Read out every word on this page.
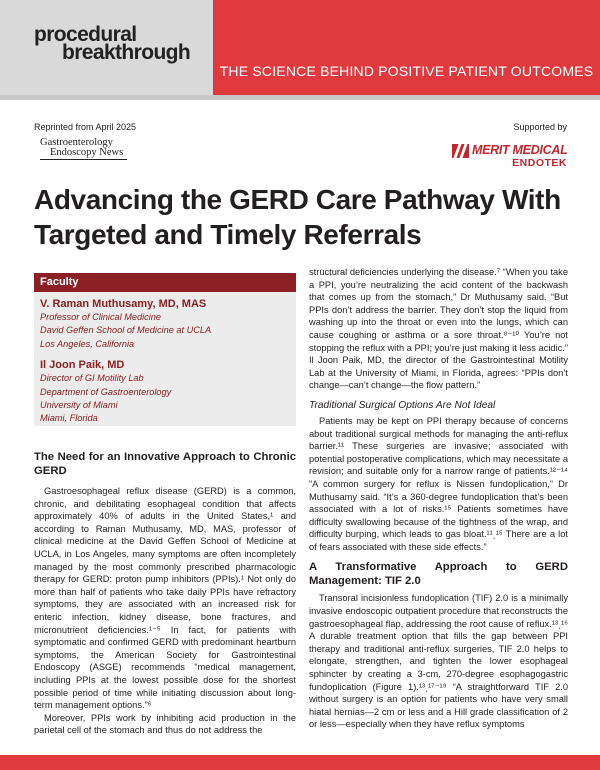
procedural
breakthrough
THE SCIENCE BEHIND POSITIVE PATIENT OUTCOMES
Reprinted from April 2025
Gastroenterology
Endoscopy News
Supported by
MERIT MEDICAL
ENDOTEK
Advancing the GERD Care Pathway With Targeted and Timely Referrals
Faculty
V. Raman Muthusamy, MD, MAS
Professor of Clinical Medicine
David Geffen School of Medicine at UCLA
Los Angeles, California
Il Joon Paik, MD
Director of GI Motility Lab
Department of Gastroenterology
University of Miami
Miami, Florida
The Need for an Innovative Approach to Chronic GERD

Gastroesophageal reflux disease (GERD) is a common, chronic, and debilitating esophageal condition that affects approximately 40% of adults in the United States,¹ and according to Raman Muthusamy, MD, MAS, professor of clinical medicine at the David Geffen School of Medicine at UCLA, in Los Angeles, many symptoms are often incompletely managed by the most commonly prescribed pharmacologic therapy for GERD: proton pump inhibitors (PPIs).¹ Not only do more than half of patients who take daily PPIs have refractory symptoms, they are associated with an increased risk for enteric infection, kidney disease, bone fractures, and micronutrient deficiencies.¹⁻⁵ In fact, for patients with symptomatic and confirmed GERD with predominant heartburn symptoms, the American Society for Gastrointestinal Endoscopy (ASGE) recommends “medical management, including PPIs at the lowest possible dose for the shortest possible period of time while initiating discussion about long-term management options.”⁶

Moreover, PPIs work by inhibiting acid production in the parietal cell of the stomach and thus do not address the

structural deficiencies underlying the disease.⁷ “When you take a PPI, you’re neutralizing the acid content of the backwash that comes up from the stomach,” Dr Muthusamy said. “But PPIs don’t address the barrier. They don’t stop the liquid from washing up into the throat or even into the lungs, which can cause coughing or asthma or a sore throat.⁸⁻¹⁰ You’re not stopping the reflux with a PPI; you’re just making it less acidic.” Il Joon Paik, MD, the director of the Gastrointestinal Motility Lab at the University of Miami, in Florida, agrees: “PPIs don’t change—can’t change—the flow pattern.”

Traditional Surgical Options Are Not Ideal

Patients may be kept on PPI therapy because of concerns about traditional surgical methods for managing the anti-reflux barrier.¹¹ These surgeries are invasive; associated with potential postoperative complications, which may necessitate a revision; and suitable only for a narrow range of patients.¹²⁻¹⁴ “A common surgery for reflux is Nissen fundoplication,” Dr Muthusamy said. “It’s a 360-degree fundoplication that’s been associated with a lot of risks.¹⁵ Patients sometimes have difficulty swallowing because of the tightness of the wrap, and difficulty burping, which leads to gas bloat.¹¹ˎ¹⁵ There are a lot of fears associated with these side effects.”

A Transformative Approach to GERD Management: TIF 2.0

Transoral incisionless fundoplication (TIF) 2.0 is a minimally invasive endoscopic outpatient procedure that reconstructs the gastroesophageal flap, addressing the root cause of reflux.¹³ˎ¹⁶ A durable treatment option that fills the gap between PPI therapy and traditional anti-reflux surgeries, TIF 2.0 helps to elongate, strengthen, and tighten the lower esophageal sphincter by creating a 3-cm, 270-degree esophagogastric fundoplication (Figure 1).¹³ˎ¹⁷⁻¹⁹ “A straightforward TIF 2.0 without surgery is an option for patients who have very small hiatal hernias—2 cm or less and a Hill grade classification of 2 or less—especially when they have reflux symptoms
